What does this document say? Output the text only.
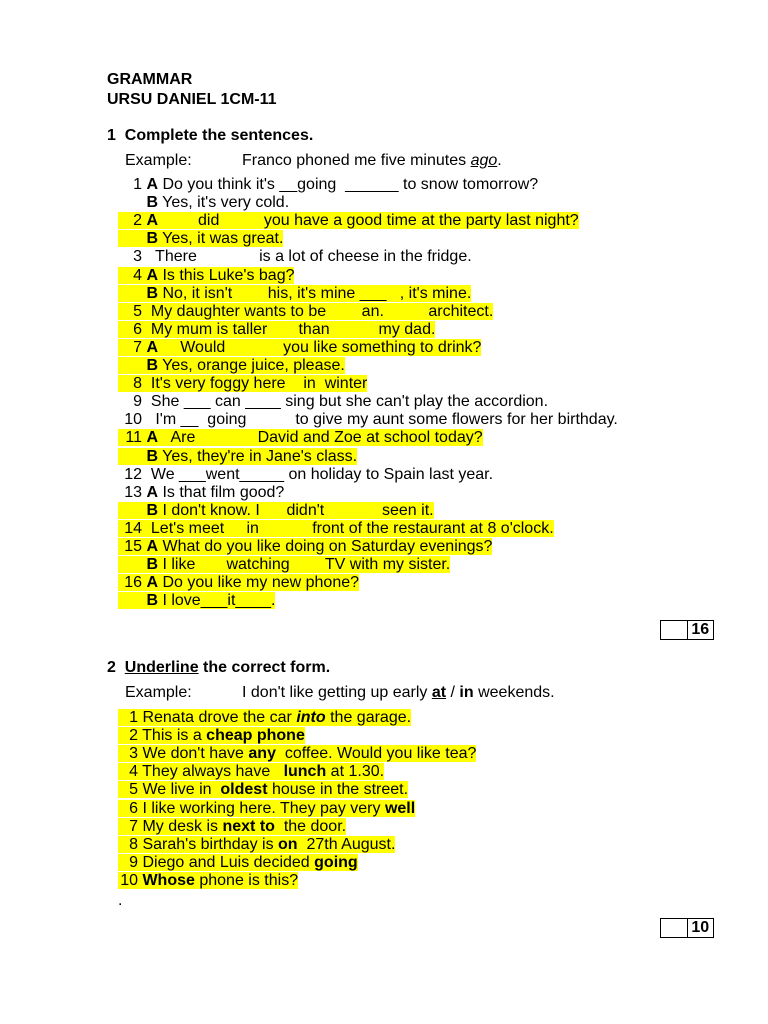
GRAMMAR
URSU DANIEL 1CM-11
1 Complete the sentences.
Example:	Franco phoned me five minutes ago.
1 A Do you think it's __going  ______ to snow tomorrow?
B Yes, it's very cold.
2 A         did          you have a good time at the party last night?
B Yes, it was great.
3   There              is a lot of cheese in the fridge.
4 A Is this Luke's bag?
B No, it isn't        his, it's mine ___   , it's mine.
5  My daughter wants to be        an.          architect.
6  My mum is taller       than           my dad.
7 A     Would             you like something to drink?
B Yes, orange juice, please.
8  It's very foggy here    in  winter
9  She ___ can ____ sing but she can't play the accordion.
10   I'm __  going           to give my aunt some flowers for her birthday.
11 A   Are              David and Zoe at school today?
B Yes, they're in Jane's class.
12  We ___went_____ on holiday to Spain last year.
13 A Is that film good?
B I don't know. I      didn't             seen it.
14  Let's meet     in            front of the restaurant at 8 o'clock.
15 A What do you like doing on Saturday evenings?
B I like       watching        TV with my sister.
16 A Do you like my new phone?
B I love___it____.
16
2 Underline the correct form.
Example:	I don't like getting up early at / in weekends.
1 Renata drove the car into the garage.
2 This is a cheap phone
3 We don't have any  coffee. Would you like tea?
4 They always have   lunch at 1.30.
5 We live in  oldest house in the street.
6 I like working here. They pay very well
7 My desk is next to  the door.
8 Sarah's birthday is on  27th August.
9 Diego and Luis decided going
10 Whose phone is this?
.
10
